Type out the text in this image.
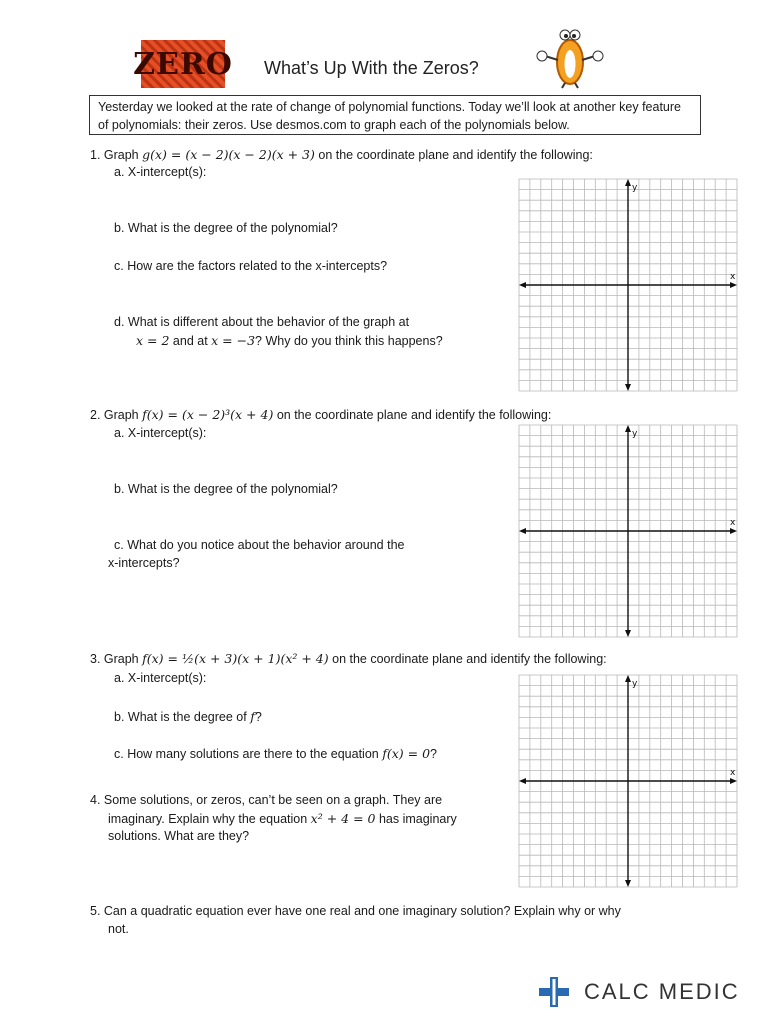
ZERO What’s Up With the Zeros?
Yesterday we looked at the rate of change of polynomial functions. Today we’ll look at another key feature of polynomials: their zeros. Use desmos.com to graph each of the polynomials below.
1. Graph g(x) = (x − 2)(x − 2)(x + 3) on the coordinate plane and identify the following:
a. X-intercept(s):
b. What is the degree of the polynomial?
c. How are the factors related to the x-intercepts?
d. What is different about the behavior of the graph at
x = 2 and at x = −3? Why do you think this happens?
2. Graph f(x) = (x − 2)³(x + 4) on the coordinate plane and identify the following:
a. X-intercept(s):
b. What is the degree of the polynomial?
c. What do you notice about the behavior around the
x-intercepts?
3. Graph f(x) = ½(x + 3)(x + 1)(x² + 4) on the coordinate plane and identify the following:
a. X-intercept(s):
b. What is the degree of f?
c. How many solutions are there to the equation f(x) = 0?
4. Some solutions, or zeros, can’t be seen on a graph. They are
imaginary. Explain why the equation x² + 4 = 0 has imaginary
solutions. What are they?
5. Can a quadratic equation ever have one real and one imaginary solution? Explain why or why
not.
x
y
x
y
x
y
CALC MEDIC
